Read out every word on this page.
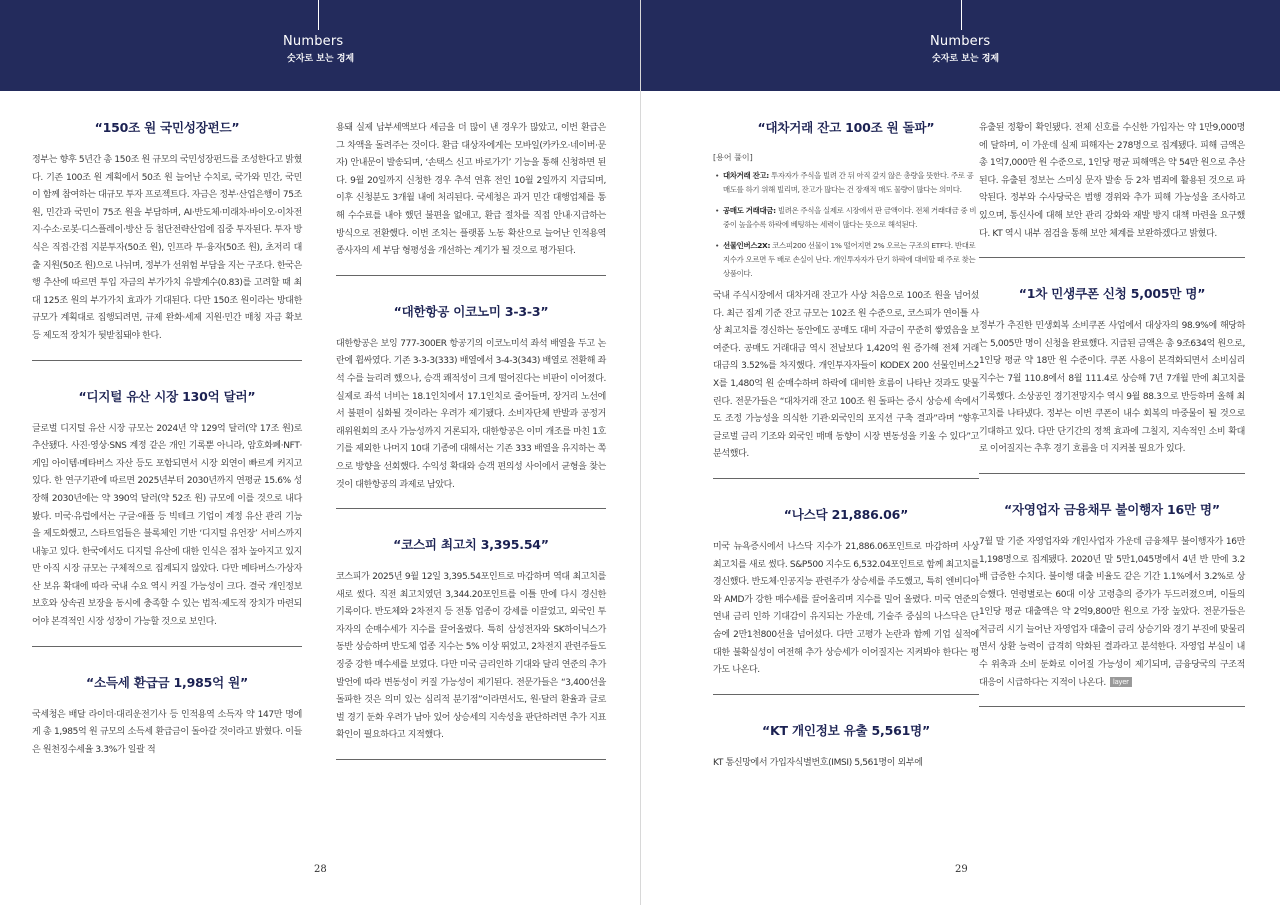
Numbers
숫자로 보는 경제
“150조 원 국민성장펀드”
정부는 향후 5년간 총 150조 원 규모의 국민성장펀드를 조성한다고 밝혔다. 기존 100조 원 계획에서 50조 원 늘어난 수치로, 국가와 민간, 국민이 함께 참여하는 대규모 투자 프로젝트다. 자금은 정부·산업은행이 75조 원, 민간과 국민이 75조 원을 부담하며, AI·반도체·미래차·바이오·이차전지·수소·로봇·디스플레이·방산 등 첨단전략산업에 집중 투자된다. 투자 방식은 직접·간접 지분투자(50조 원), 인프라 투·융자(50조 원), 초저리 대출 지원(50조 원)으로 나뉘며, 정부가 선위험 부담을 지는 구조다. 한국은행 추산에 따르면 투입 자금의 부가가치 유발계수(0.83)를 고려할 때 최대 125조 원의 부가가치 효과가 기대된다. 다만 150조 원이라는 방대한 규모가 계획대로 집행되려면, 규제 완화·세제 지원·민간 매칭 자금 확보 등 제도적 장치가 뒷받침돼야 한다.
“디지털 유산 시장 130억 달러”
글로벌 디지털 유산 시장 규모는 2024년 약 129억 달러(약 17조 원)로 추산됐다. 사진·영상·SNS 계정 같은 개인 기록뿐 아니라, 암호화폐·NFT·게임 아이템·메타버스 자산 등도 포함되면서 시장 외연이 빠르게 커지고 있다. 한 연구기관에 따르면 2025년부터 2030년까지 연평균 15.6% 성장해 2030년에는 약 390억 달러(약 52조 원) 규모에 이를 것으로 내다봤다. 미국·유럽에서는 구글·애플 등 빅테크 기업이 계정 유산 관리 기능을 제도화했고, 스타트업들은 블록체인 기반 ‘디지털 유언장’ 서비스까지 내놓고 있다. 한국에서도 디지털 유산에 대한 인식은 점차 높아지고 있지만 아직 시장 규모는 구체적으로 집계되지 않았다. 다만 메타버스·가상자산 보유 확대에 따라 국내 수요 역시 커질 가능성이 크다. 결국 개인정보 보호와 상속권 보장을 동시에 충족할 수 있는 법적·제도적 장치가 마련되어야 본격적인 시장 성장이 가능할 것으로 보인다.
“소득세 환급금 1,985억 원”
국세청은 배달 라이더·대리운전기사 등 인적용역 소득자 약 147만 명에게 총 1,985억 원 규모의 소득세 환급금이 돌아갈 것이라고 밝혔다. 이들은 원천징수세율 3.3%가 일괄 적
용돼 실제 납부세액보다 세금을 더 많이 낸 경우가 많았고, 이번 환급은 그 차액을 돌려주는 것이다. 환급 대상자에게는 모바일(카카오·네이버·문자) 안내문이 발송되며, ‘손택스 신고 바로가기’ 기능을 통해 신청하면 된다. 9월 20일까지 신청한 경우 추석 연휴 전인 10월 2일까지 지급되며, 이후 신청분도 3개월 내에 처리된다. 국세청은 과거 민간 대행업체를 통해 수수료를 내야 했던 불편을 없애고, 환급 절차를 직접 안내·지급하는 방식으로 전환했다. 이번 조치는 플랫폼 노동 확산으로 늘어난 인적용역 종사자의 세 부담 형평성을 개선하는 계기가 될 것으로 평가된다.
“대한항공 이코노미 3-3-3”
대한항공은 보잉 777-300ER 항공기의 이코노미석 좌석 배열을 두고 논란에 휩싸였다. 기존 3-3-3(333) 배열에서 3-4-3(343) 배열로 전환해 좌석 수를 늘리려 했으나, 승객 쾌적성이 크게 떨어진다는 비판이 이어졌다. 실제로 좌석 너비는 18.1인치에서 17.1인치로 줄어들며, 장거리 노선에서 불편이 심화될 것이라는 우려가 제기됐다. 소비자단체 반발과 공정거래위원회의 조사 가능성까지 거론되자, 대한항공은 이미 개조를 마친 1호기를 제외한 나머지 10대 기종에 대해서는 기존 333 배열을 유지하는 쪽으로 방향을 선회했다. 수익성 확대와 승객 편의성 사이에서 균형을 찾는 것이 대한항공의 과제로 남았다.
“코스피 최고치 3,395.54”
코스피가 2025년 9월 12일 3,395.54포인트로 마감하며 역대 최고치를 새로 썼다. 직전 최고치였던 3,344.20포인트를 이틀 만에 다시 경신한 기록이다. 반도체와 2차전지 등 전통 업종이 강세를 이끌었고, 외국인 투자자의 순매수세가 지수를 끌어올렸다. 특히 삼성전자와 SK하이닉스가 동반 상승하며 반도체 업종 지수는 5% 이상 뛰었고, 2차전지 관련주들도 징중 강한 매수세를 보였다. 다만 미국 금리인하 기대와 달리 연준의 추가 발언에 따라 변동성이 커질 가능성이 제기된다. 전문가들은 “3,400선을 돌파한 것은 의미 있는 심리적 분기점”이라면서도, 원·달러 환율과 글로벌 경기 둔화 우려가 남아 있어 상승세의 지속성을 판단하려면 추가 지표 확인이 필요하다고 지적했다.
28
Numbers
숫자로 보는 경제
“대차거래 잔고 100조 원 돌파”
[용어 풀이]
• 대차거래 잔고: 투자자가 주식을 빌려 간 뒤 아직 갚지 않은 총량을 뜻한다. 주로 공매도를 하기 위해 빌리며, 잔고가 많다는 건 장재적 매도 물량이 많다는 의미다.
• 공매도 거래대금: 빌려온 주식을 실제로 시장에서 판 금액이다. 전체 거래대금 중 비중이 높을수록 하락에 베팅하는 세력이 많다는 뜻으로 해석된다.
• 선물인버스2X: 코스피200 선물이 1% 떨어지면 2% 오르는 구조의 ETF다. 반대로 지수가 오르면 두 배로 손실이 난다. 개인투자자가 단기 하락에 대비할 때 주로 찾는 상품이다.
국내 주식시장에서 대차거래 잔고가 사상 처음으로 100조 원을 넘어섰다. 최근 집계 기준 잔고 규모는 102조 원 수준으로, 코스피가 연이틀 사상 최고치를 경신하는 동안에도 공매도 대비 자금이 꾸준히 쌓였음을 보여준다. 공매도 거래대금 역시 전날보다 1,420억 원 증가해 전체 거래대금의 3.52%를 차지했다. 개인투자자들이 KODEX 200 선물인버스2X를 1,480억 원 순매수하며 하락에 대비한 흐름이 나타난 것과도 맞물린다. 전문가들은 “대차거래 잔고 100조 원 돌파는 증시 상승세 속에서도 조정 가능성을 의식한 기관·외국인의 포지션 구축 결과”라며 “향후 글로벌 금리 기조와 외국인 매매 동향이 시장 변동성을 키울 수 있다”고 분석했다.
“나스닥 21,886.06”
미국 뉴욕증시에서 나스닥 지수가 21,886.06포인트로 마감하며 사상 최고치를 새로 썼다. S&P500 지수도 6,532.04포인트로 함께 최고치를 경신했다. 반도체·인공지능 관련주가 상승세를 주도했고, 특히 엔비디아와 AMD가 강한 매수세를 끌어올리며 지수를 밀어 올렸다. 미국 연준의 연내 금리 인하 기대감이 유지되는 가운데, 기술주 중심의 나스닥은 단숨에 2만1천800선을 넘어섰다. 다만 고평가 논란과 함께 기업 실적에 대한 불확실성이 여전해 추가 상승세가 이어질지는 지켜봐야 한다는 평가도 나온다.
“KT 개인정보 유출 5,561명”
KT 통신망에서 가입자식별번호(IMSI) 5,561명이 외부에
유출된 정황이 확인됐다. 전체 신호를 수신한 가입자는 약 1만9,000명에 달하며, 이 가운데 실제 피해자는 278명으로 집계됐다. 피해 금액은 총 1억7,000만 원 수준으로, 1인당 평균 피해액은 약 54만 원으로 추산된다. 유출된 정보는 스미싱 문자 발송 등 2차 범죄에 활용된 것으로 파악된다. 정부와 수사당국은 범행 경위와 추가 피해 가능성을 조사하고 있으며, 통신사에 대해 보안 관리 강화와 재발 방지 대책 마련을 요구했다. KT 역시 내부 점검을 통해 보안 체계를 보완하겠다고 밝혔다.
“1차 민생쿠폰 신청 5,005만 명”
정부가 추진한 민생회복 소비쿠폰 사업에서 대상자의 98.9%에 해당하는 5,005만 명이 신청을 완료했다. 지급된 금액은 총 9조634억 원으로, 1인당 평균 약 18만 원 수준이다. 쿠폰 사용이 본격화되면서 소비심리지수는 7월 110.8에서 8월 111.4로 상승해 7년 7개월 만에 최고치를 기록했다. 소상공인 경기전망지수 역시 9월 88.3으로 반등하며 올해 최고치를 나타냈다. 정부는 이번 쿠폰이 내수 회복의 마중물이 될 것으로 기대하고 있다. 다만 단기간의 정책 효과에 그칠지, 지속적인 소비 확대로 이어질지는 추후 경기 흐름을 더 지켜볼 필요가 있다.
“자영업자 금융채무 불이행자 16만 명”
7월 말 기준 자영업자와 개인사업자 가운데 금융채무 불이행자가 16만1,198명으로 집계됐다. 2020년 말 5만1,045명에서 4년 반 만에 3.2배 급증한 수치다. 불이행 대출 비율도 같은 기간 1.1%에서 3.2%로 상승했다. 연령별로는 60대 이상 고령층의 증가가 두드러졌으며, 이들의 1인당 평균 대출액은 약 2억9,800만 원으로 가장 높았다. 전문가들은 저금리 시기 늘어난 자영업자 대출이 금리 상승기와 경기 부진에 맞물리면서 상환 능력이 급격히 악화된 결과라고 분석한다. 자영업 부실이 내수 위축과 소비 둔화로 이어질 가능성이 제기되며, 금융당국의 구조적 대응이 시급하다는 지적이 나온다. layer
29
